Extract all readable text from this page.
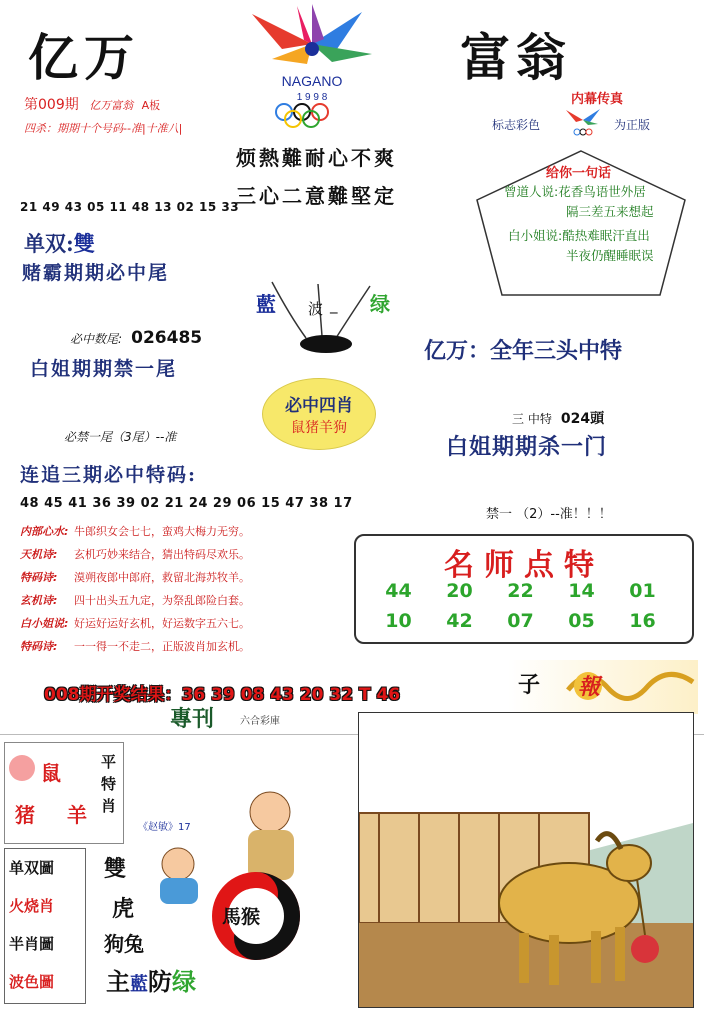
亿万	富翁
NAGANO
1 9 9 8
第009期 亿万富翁 A板
四杀：期期十个号码--准|十准八|
烦熱難耐心不爽
三心二意難堅定
内幕传真
标志彩色	为正版
给你一句话
曾道人说:花香鸟语世外居
隔三差五来想起
白小姐说:酷热难眠汗直出
半夜仍醒睡眠误
21 49 43 05 11 48 13 02 15 33
单双:雙
赌霸期期必中尾
藍 波 _ 绿
必中数尾: 026485
白姐期期禁一尾
亿万：全年三头中特
必中四肖
鼠猪羊狗
必禁一尾（3尾）--准
三 中特 024頭
白姐期期杀一门
连追三期必中特码:
48 45 41 36 39 02 21 24 29 06 15 47 38 17
禁一 （2）--准！！！
内部心水: 牛郎织女会七七，蛮鸡大梅力无穷。
天机诗: 玄机巧妙来结合，猜出特码尽欢乐。
特码诗: 漠朔夜郎中郎府，救留北海苏牧羊。
玄机诗: 四十出头五九定，为祭乱郎险白套。
白小姐说: 好运好运好玄机，好运数字五六七。
特码诗: 一一得一不走二，正版波肖加玄机。
名师点特
44 20 22 14 01
10 42 07 05 16
008期开奖结果：36 39 08 43 20 32 T 46	子 報
專刊	六合彩庫
鼠
猪 羊
平特肖
《赵敏》17
单双圖
火烧肖
半肖圖
波色圖
雙
虎
狗兔
馬猴
主藍防绿
